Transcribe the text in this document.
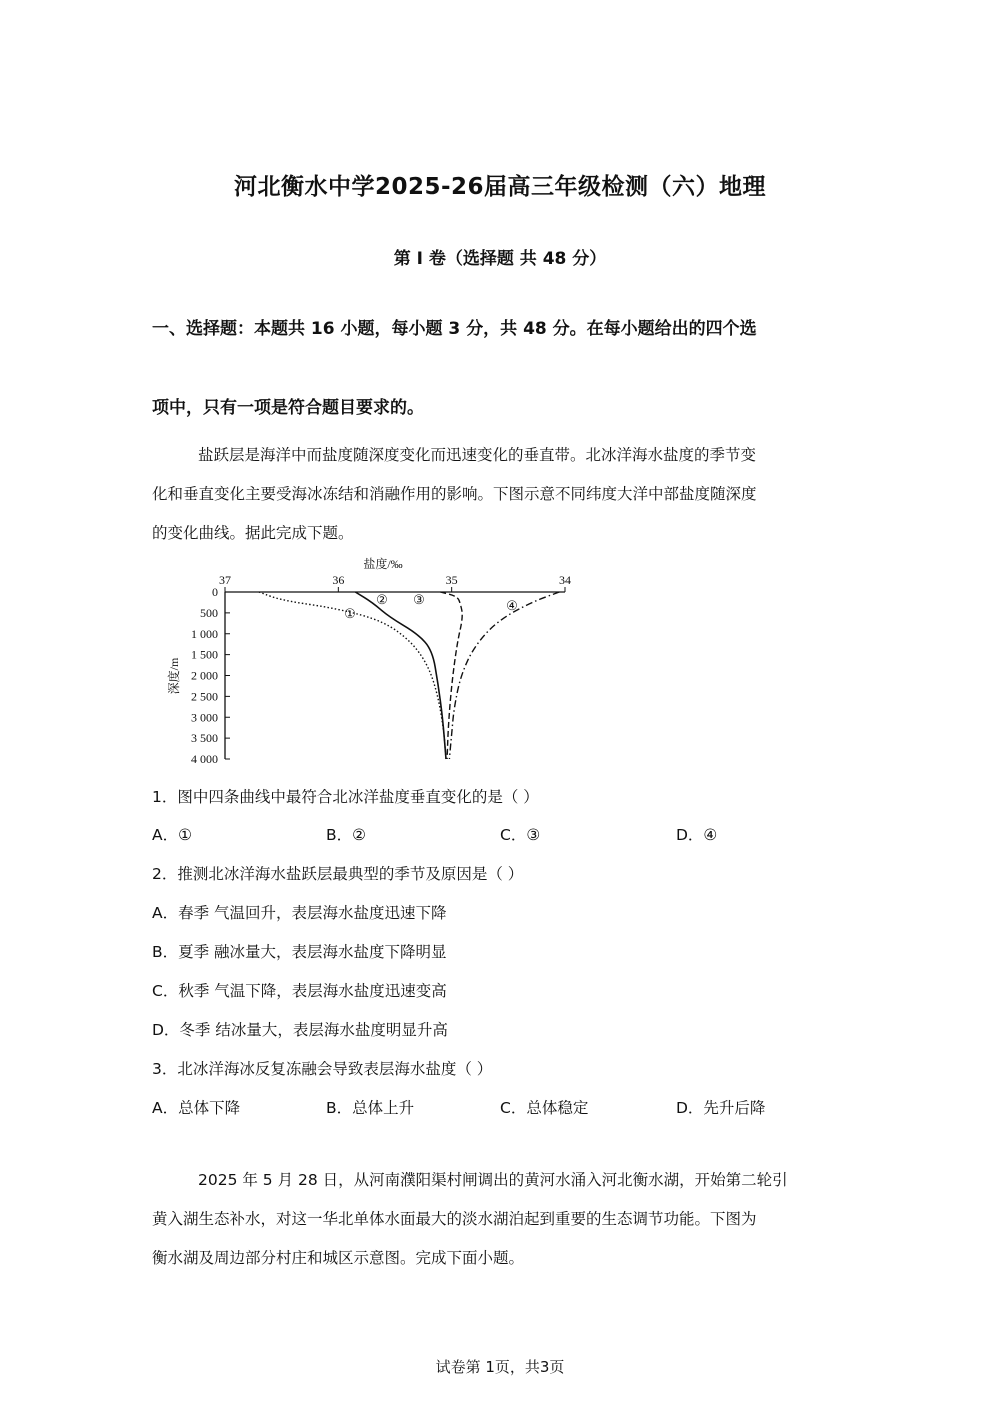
河北衡水中学2025-26届高三年级检测（六）地理
第 I 卷（选择题 共 48 分）
一、选择题：本题共 16 小题，每小题 3 分，共 48 分。在每小题给出的四个选
项中，只有一项是符合题目要求的。
盐跃层是海洋中而盐度随深度变化而迅速变化的垂直带。北冰洋海水盐度的季节变
化和垂直变化主要受海冰冻结和消融作用的影响。下图示意不同纬度大洋中部盐度随深度
的变化曲线。据此完成下题。
盐度/‰
37	36	35	34
0
500
1 000
1 500
2 000
2 500
3 000
3 500
4 000
深度/m
①
② ③	④
1．图中四条曲线中最符合北冰洋盐度垂直变化的是（ ）
A．①	B．②	C．③	D．④
2．推测北冰洋海水盐跃层最典型的季节及原因是（ ）
A．春季 气温回升，表层海水盐度迅速下降
B．夏季 融冰量大，表层海水盐度下降明显
C．秋季 气温下降，表层海水盐度迅速变高
D．冬季 结冰量大，表层海水盐度明显升高
3．北冰洋海冰反复冻融会导致表层海水盐度（ ）
A．总体下降	B．总体上升	C．总体稳定	D．先升后降
2025 年 5 月 28 日，从河南濮阳渠村闸调出的黄河水涌入河北衡水湖，开始第二轮引
黄入湖生态补水，对这一华北单体水面最大的淡水湖泊起到重要的生态调节功能。下图为
衡水湖及周边部分村庄和城区示意图。完成下面小题。
试卷第 1页，共3页
